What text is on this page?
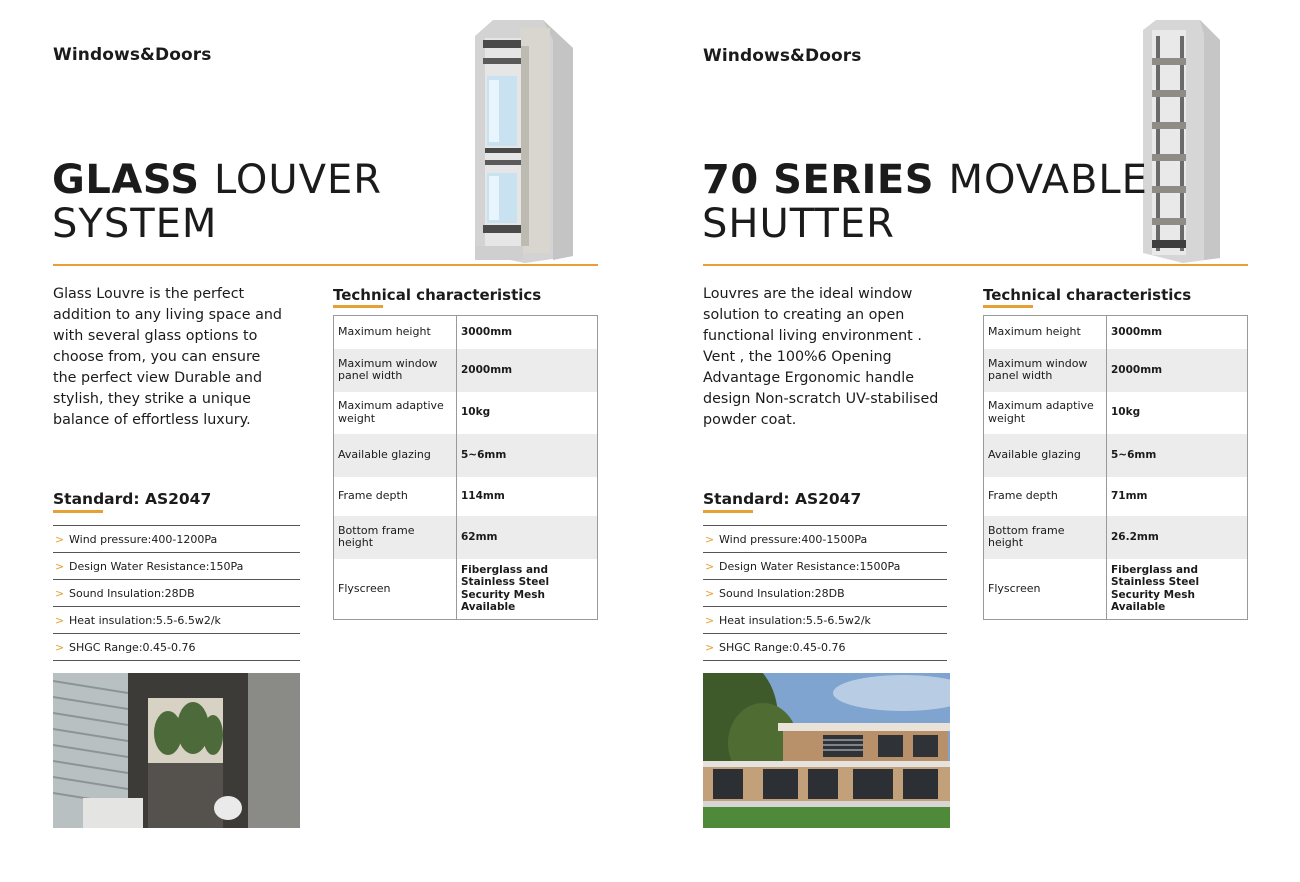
Windows&Doors
GLASS LOUVER
SYSTEM

Glass Louvre is the perfect addition to any living space and with several glass options to choose from, you can ensure the perfect view Durable and stylish, they strike a unique balance of effortless luxury.

Standard: AS2047
> Wind pressure:400-1200Pa
> Design Water Resistance:150Pa
> Sound Insulation:28DB
> Heat insulation:5.5-6.5w2/k
> SHGC Range:0.45-0.76
Technical characteristics
Maximum height	3000mm
Maximum window panel width	2000mm
Maximum adaptive weight	10kg
Available glazing	5~6mm
Frame depth	114mm
Bottom frame height	62mm
Flyscreen	Fiberglass and Stainless Steel Security Mesh Available
Windows&Doors
70 SERIES MOVABLE
SHUTTER

Louvres are the ideal window solution to creating an open functional living environment . Vent , the 100%6 Opening Advantage Ergonomic handle design Non-scratch UV-stabilised powder coat.

Standard: AS2047
> Wind pressure:400-1500Pa
> Design Water Resistance:1500Pa
> Sound Insulation:28DB
> Heat insulation:5.5-6.5w2/k
> SHGC Range:0.45-0.76
Technical characteristics
Maximum height	3000mm
Maximum window panel width	2000mm
Maximum adaptive weight	10kg
Available glazing	5~6mm
Frame depth	71mm
Bottom frame height	26.2mm
Flyscreen	Fiberglass and Stainless Steel Security Mesh Available
